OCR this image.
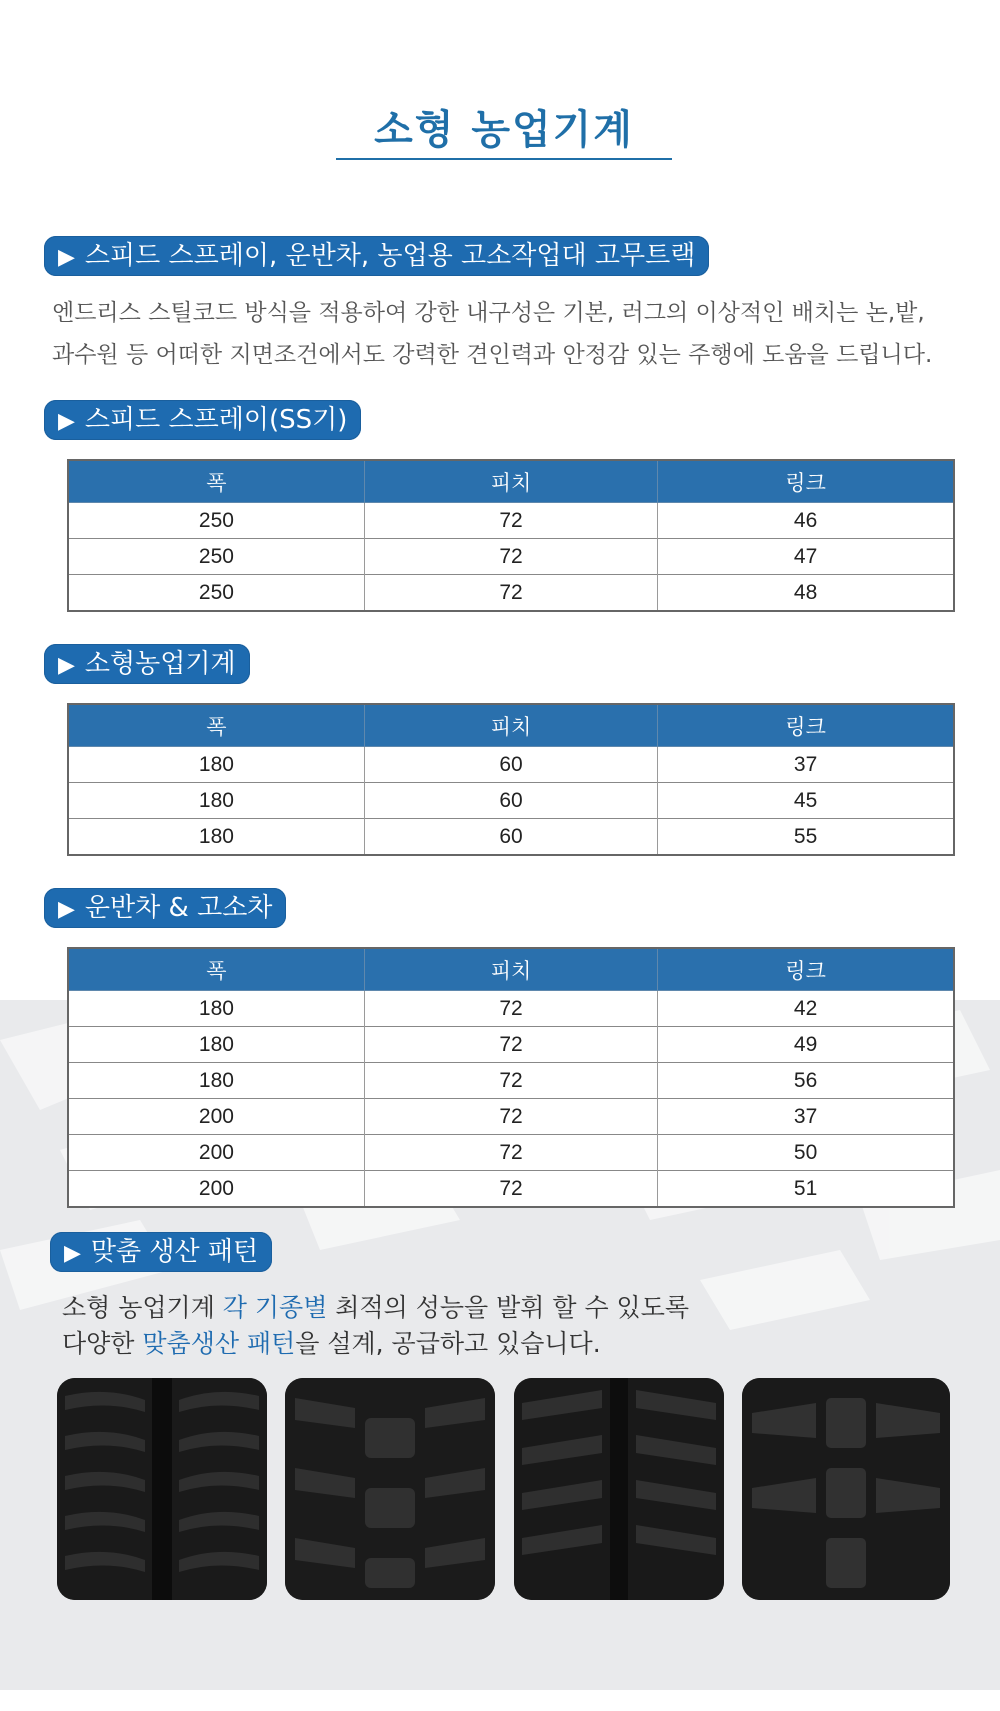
소형 농업기계
▶ 스피드 스프레이, 운반차, 농업용 고소작업대 고무트랙
엔드리스 스틸코드 방식을 적용하여 강한 내구성은 기본, 러그의 이상적인 배치는 논,밭,
과수원 등 어떠한 지면조건에서도 강력한 견인력과 안정감 있는 주행에 도움을 드립니다.
▶ 스피드 스프레이(SS기)
폭	피치	링크
250	72	46
250	72	47
250	72	48
▶ 소형농업기계
폭	피치	링크
180	60	37
180	60	45
180	60	55
▶ 운반차 & 고소차
폭	피치	링크
180	72	42
180	72	49
180	72	56
200	72	37
200	72	50
200	72	51
▶ 맞춤 생산 패턴
소형 농업기계 각 기종별 최적의 성능을 발휘 할 수 있도록
다양한 맞춤생산 패턴을 설계, 공급하고 있습니다.
